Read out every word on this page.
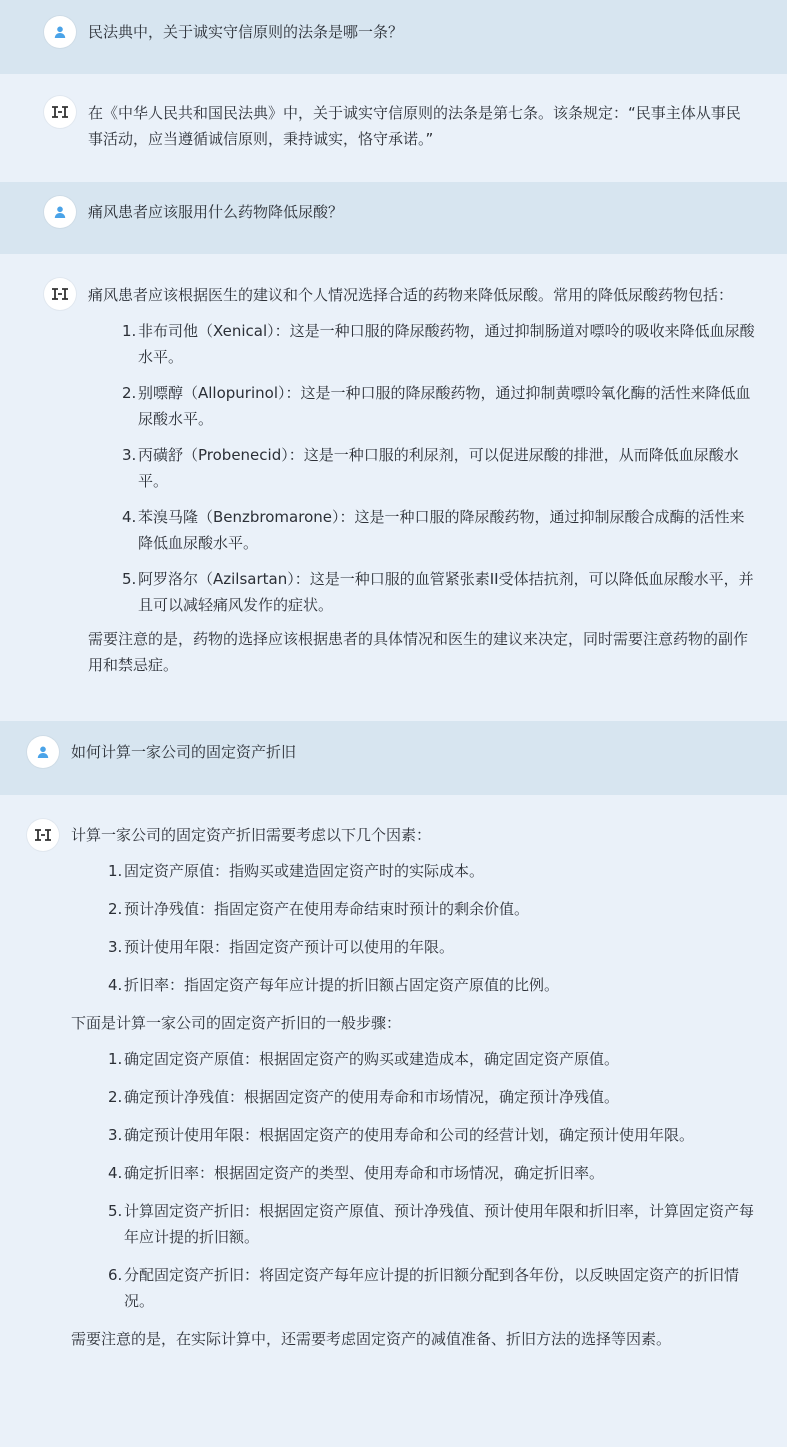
民法典中，关于诚实守信原则的法条是哪一条？

在《中华人民共和国民法典》中，关于诚实守信原则的法条是第七条。该条规定：“民事主体从事民事活动，应当遵循诚信原则，秉持诚实，恪守承诺。”

痛风患者应该服用什么药物降低尿酸？

痛风患者应该根据医生的建议和个人情况选择合适的药物来降低尿酸。常用的降低尿酸药物包括：

1. 非布司他（Xenical）：这是一种口服的降尿酸药物，通过抑制肠道对嘌呤的吸收来降低血尿酸水平。
2. 别嘌醇（Allopurinol）：这是一种口服的降尿酸药物，通过抑制黄嘌呤氧化酶的活性来降低血尿酸水平。
3. 丙磺舒（Probenecid）：这是一种口服的利尿剂，可以促进尿酸的排泄，从而降低血尿酸水平。
4. 苯溴马隆（Benzbromarone）：这是一种口服的降尿酸药物，通过抑制尿酸合成酶的活性来降低血尿酸水平。
5. 阿罗洛尔（Azilsartan）：这是一种口服的血管紧张素II受体拮抗剂，可以降低血尿酸水平，并且可以减轻痛风发作的症状。

需要注意的是，药物的选择应该根据患者的具体情况和医生的建议来决定，同时需要注意药物的副作用和禁忌症。

如何计算一家公司的固定资产折旧

计算一家公司的固定资产折旧需要考虑以下几个因素：

1. 固定资产原值：指购买或建造固定资产时的实际成本。
2. 预计净残值：指固定资产在使用寿命结束时预计的剩余价值。
3. 预计使用年限：指固定资产预计可以使用的年限。
4. 折旧率：指固定资产每年应计提的折旧额占固定资产原值的比例。

下面是计算一家公司的固定资产折旧的一般步骤：

1. 确定固定资产原值：根据固定资产的购买或建造成本，确定固定资产原值。
2. 确定预计净残值：根据固定资产的使用寿命和市场情况，确定预计净残值。
3. 确定预计使用年限：根据固定资产的使用寿命和公司的经营计划，确定预计使用年限。
4. 确定折旧率：根据固定资产的类型、使用寿命和市场情况，确定折旧率。
5. 计算固定资产折旧：根据固定资产原值、预计净残值、预计使用年限和折旧率，计算固定资产每年应计提的折旧额。
6. 分配固定资产折旧：将固定资产每年应计提的折旧额分配到各年份，以反映固定资产的折旧情况。

需要注意的是，在实际计算中，还需要考虑固定资产的减值准备、折旧方法的选择等因素。
